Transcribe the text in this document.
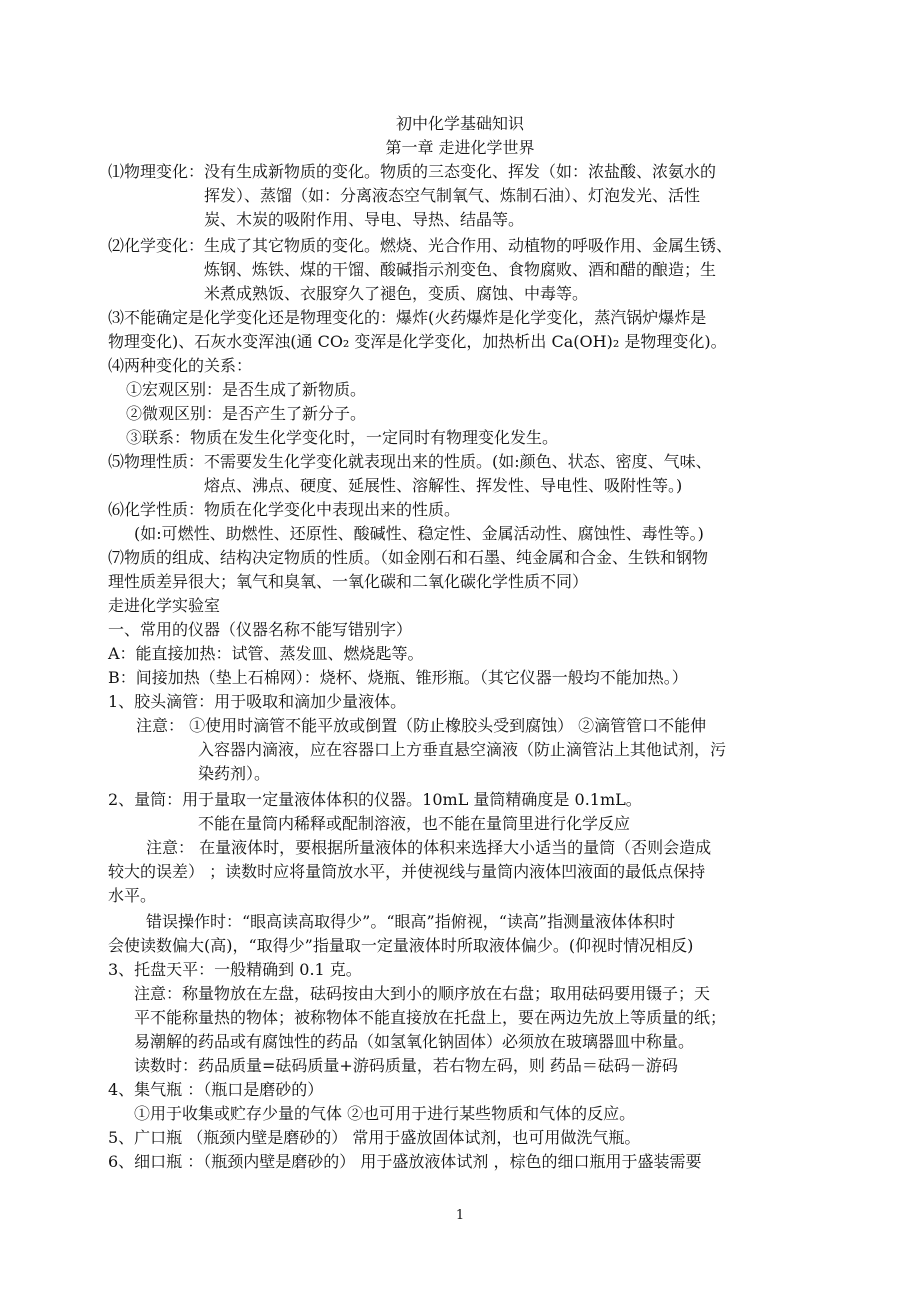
初中化学基础知识
第一章 走进化学世界
⑴物理变化：没有生成新物质的变化。物质的三态变化、挥发（如：浓盐酸、浓氨水的
挥发）、蒸馏（如：分离液态空气制氧气、炼制石油）、灯泡发光、活性
炭、木炭的吸附作用、导电、导热、结晶等。
⑵化学变化：生成了其它物质的变化。燃烧、光合作用、动植物的呼吸作用、金属生锈、
炼钢、炼铁、煤的干馏、酸碱指示剂变色、食物腐败、酒和醋的酿造；生
米煮成熟饭、衣服穿久了褪色，变质、腐蚀、中毒等。
⑶不能确定是化学变化还是物理变化的：爆炸(火药爆炸是化学变化，蒸汽锅炉爆炸是
物理变化)、石灰水变浑浊(通 CO₂ 变浑是化学变化，加热析出 Ca(OH)₂ 是物理变化)。
⑷两种变化的关系：
①宏观区别：是否生成了新物质。
②微观区别：是否产生了新分子。
③联系：物质在发生化学变化时，一定同时有物理变化发生。
⑸物理性质：不需要发生化学变化就表现出来的性质。(如:颜色、状态、密度、气味、
熔点、沸点、硬度、延展性、溶解性、挥发性、导电性、吸附性等。)
⑹化学性质：物质在化学变化中表现出来的性质。
(如:可燃性、助燃性、还原性、酸碱性、稳定性、金属活动性、腐蚀性、毒性等。)
⑺物质的组成、结构决定物质的性质。（如金刚石和石墨、纯金属和合金、生铁和钢物
理性质差异很大；氧气和臭氧、一氧化碳和二氧化碳化学性质不同）
走进化学实验室
一、常用的仪器（仪器名称不能写错别字）
A：能直接加热：试管、蒸发皿、燃烧匙等。
B：间接加热（垫上石棉网）：烧杯、烧瓶、锥形瓶。（其它仪器一般均不能加热。）
1、胶头滴管：用于吸取和滴加少量液体。
注意： ①使用时滴管不能平放或倒置（防止橡胶头受到腐蚀） ②滴管管口不能伸
入容器内滴液，应在容器口上方垂直悬空滴液（防止滴管沾上其他试剂，污
染药剂）。
2、量筒：用于量取一定量液体体积的仪器。10mL 量筒精确度是 0.1mL。
不能在量筒内稀释或配制溶液，也不能在量筒里进行化学反应
注意： 在量液体时，要根据所量液体的体积来选择大小适当的量筒（否则会造成
较大的误差） ；读数时应将量筒放水平，并使视线与量筒内液体凹液面的最低点保持
水平。
错误操作时：“眼高读高取得少”。“眼高”指俯视，“读高”指测量液体体积时
会使读数偏大(高)，“取得少”指量取一定量液体时所取液体偏少。(仰视时情况相反)
3、托盘天平：一般精确到 0.1 克。
注意：称量物放在左盘，砝码按由大到小的顺序放在右盘；取用砝码要用镊子；天
平不能称量热的物体；被称物体不能直接放在托盘上，要在两边先放上等质量的纸；
易潮解的药品或有腐蚀性的药品（如氢氧化钠固体）必须放在玻璃器皿中称量。
读数时：药品质量=砝码质量+游码质量，若右物左码，则 药品＝砝码－游码
4、集气瓶 ：（瓶口是磨砂的）
①用于收集或贮存少量的气体 ②也可用于进行某些物质和气体的反应。
5、广口瓶 （瓶颈内壁是磨砂的） 常用于盛放固体试剂，也可用做洗气瓶。
6、细口瓶 ：（瓶颈内壁是磨砂的） 用于盛放液体试剂 ，棕色的细口瓶用于盛装需要
1
